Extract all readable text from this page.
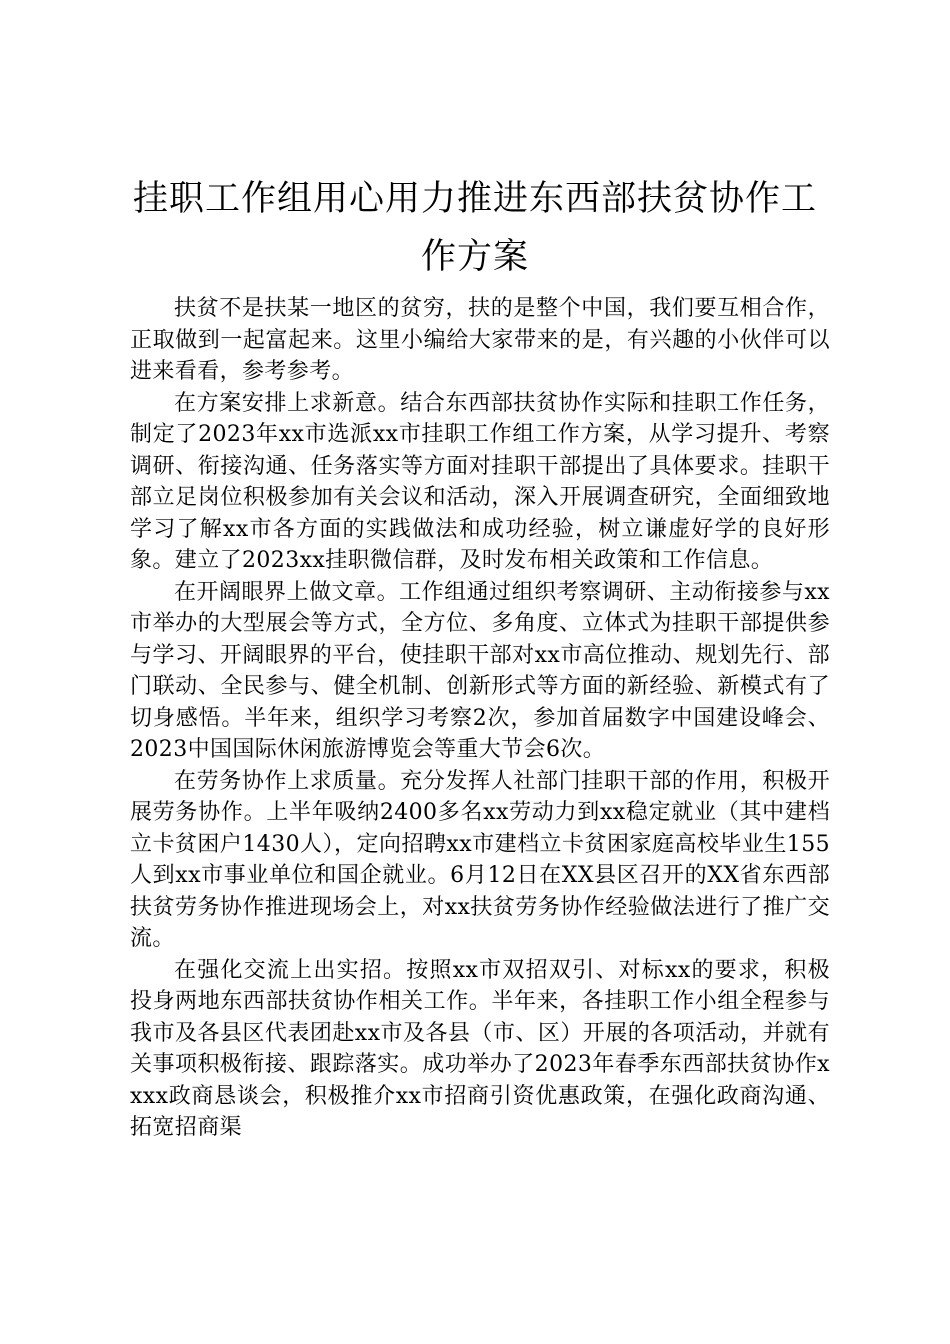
挂职工作组用心用力推进东西部扶贫协作工
作方案

扶贫不是扶某一地区的贫穷，扶的是整个中国，我们要互相合作，正取做到一起富起来。这里小编给大家带来的是，有兴趣的小伙伴可以进来看看，参考参考。

在方案安排上求新意。结合东西部扶贫协作实际和挂职工作任务，制定了2023年xx市选派xx市挂职工作组工作方案，从学习提升、考察调研、衔接沟通、任务落实等方面对挂职干部提出了具体要求。挂职干部立足岗位积极参加有关会议和活动，深入开展调查研究，全面细致地学习了解xx市各方面的实践做法和成功经验，树立谦虚好学的良好形象。建立了2023xx挂职微信群，及时发布相关政策和工作信息。

在开阔眼界上做文章。工作组通过组织考察调研、主动衔接参与xx市举办的大型展会等方式，全方位、多角度、立体式为挂职干部提供参与学习、开阔眼界的平台，使挂职干部对xx市高位推动、规划先行、部门联动、全民参与、健全机制、创新形式等方面的新经验、新模式有了切身感悟。半年来，组织学习考察2次，参加首届数字中国建设峰会、2023中国国际休闲旅游博览会等重大节会6次。

在劳务协作上求质量。充分发挥人社部门挂职干部的作用，积极开展劳务协作。上半年吸纳2400多名xx劳动力到xx稳定就业（其中建档立卡贫困户1430人），定向招聘xx市建档立卡贫困家庭高校毕业生155人到xx市事业单位和国企就业。6月12日在XX县区召开的XX省东西部扶贫劳务协作推进现场会上，对xx扶贫劳务协作经验做法进行了推广交流。

在强化交流上出实招。按照xx市双招双引、对标xx的要求，积极投身两地东西部扶贫协作相关工作。半年来，各挂职工作小组全程参与我市及各县区代表团赴xx市及各县（市、区）开展的各项活动，并就有关事项积极衔接、跟踪落实。成功举办了2023年春季东西部扶贫协作xxxx政商恳谈会，积极推介xx市招商引资优惠政策，在强化政商沟通、拓宽招商渠
